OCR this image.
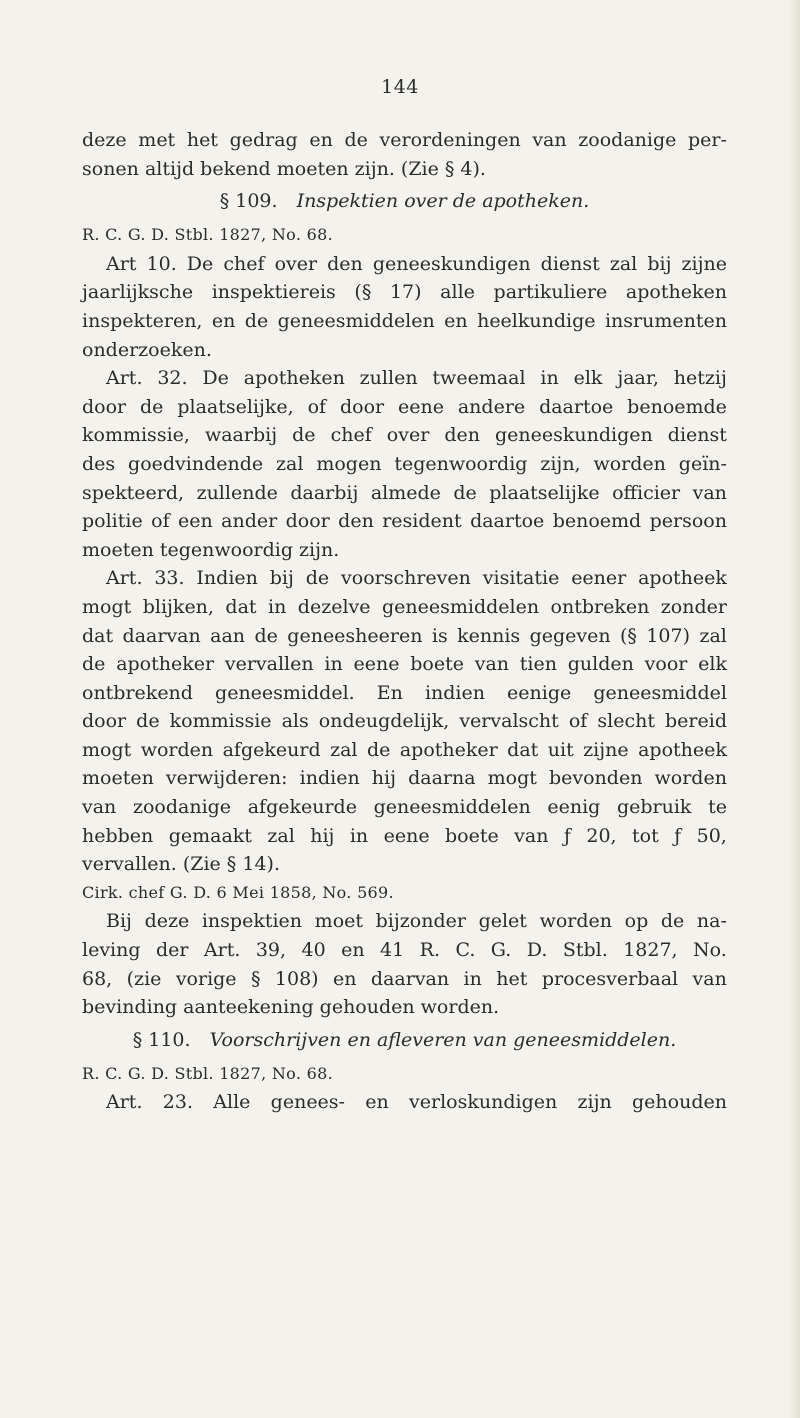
144
deze met het gedrag en de verordeningen van zoodanige per-
sonen altijd bekend moeten zijn. (Zie § 4).
§ 109.  Inspektien over de apotheken.
R. C. G. D. Stbl. 1827, No. 68.
Art 10. De chef over den geneeskundigen dienst zal bij zijne
jaarlijksche inspektiereis (§ 17) alle partikuliere apotheken
inspekteren, en de geneesmiddelen en heelkundige insrumenten
onderzoeken.
Art. 32. De apotheken zullen tweemaal in elk jaar, hetzij
door de plaatselijke, of door eene andere daartoe benoemde
kommissie, waarbij de chef over den geneeskundigen dienst
des goedvindende zal mogen tegenwoordig zijn, worden geïn-
spekteerd, zullende daarbij almede de plaatselijke officier van
politie of een ander door den resident daartoe benoemd persoon
moeten tegenwoordig zijn.
Art. 33. Indien bij de voorschreven visitatie eener apotheek
mogt blijken, dat in dezelve geneesmiddelen ontbreken zonder
dat daarvan aan de geneesheeren is kennis gegeven (§ 107) zal
de apotheker vervallen in eene boete van tien gulden voor elk
ontbrekend geneesmiddel. En indien eenige geneesmiddel
door de kommissie als ondeugdelijk, vervalscht of slecht bereid
mogt worden afgekeurd zal de apotheker dat uit zijne apotheek
moeten verwijderen: indien hij daarna mogt bevonden worden
van zoodanige afgekeurde geneesmiddelen eenig gebruik te
hebben gemaakt zal hij in eene boete van ƒ 20, tot ƒ 50,
vervallen. (Zie § 14).
Cirk. chef G. D. 6 Mei 1858, No. 569.
Bij deze inspektien moet bijzonder gelet worden op de na-
leving der Art. 39, 40 en 41 R. C. G. D. Stbl. 1827, No.
68, (zie vorige § 108) en daarvan in het procesverbaal van
bevinding aanteekening gehouden worden.
§ 110.  Voorschrijven en afleveren van geneesmiddelen.
R. C. G. D. Stbl. 1827, No. 68.
Art. 23. Alle genees- en verloskundigen zijn gehouden
